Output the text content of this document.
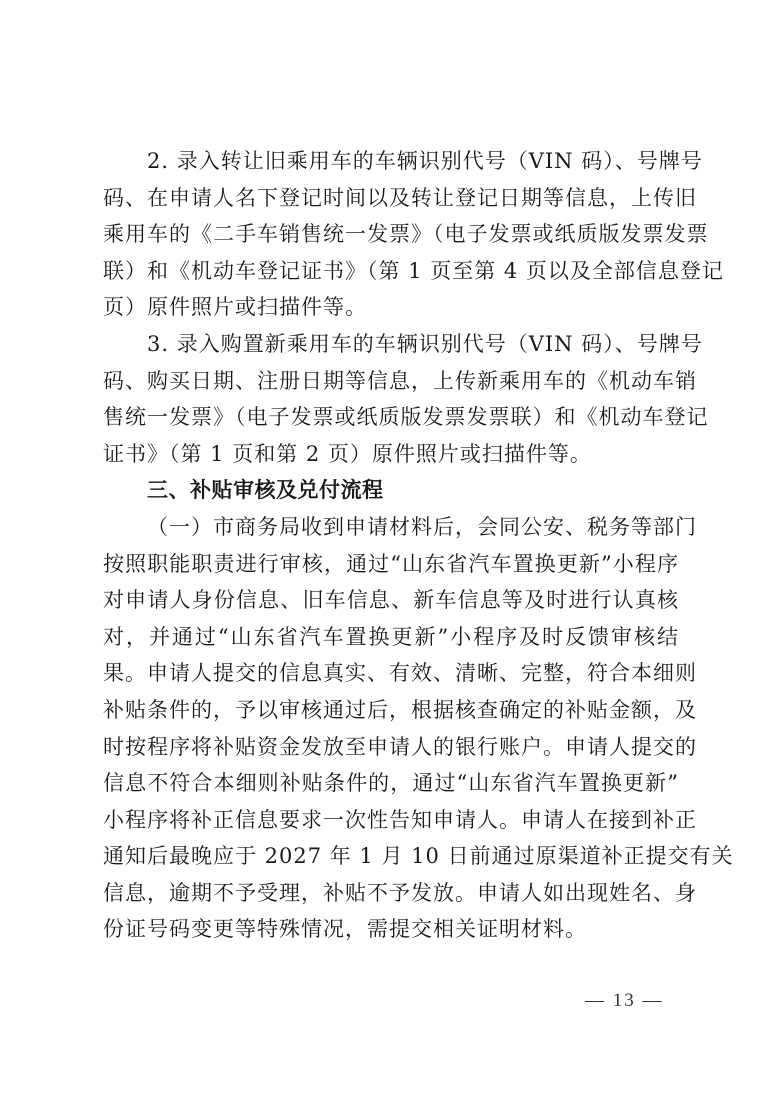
2. 录入转让旧乘用车的车辆识别代号（VIN 码）、号牌号
码、在申请人名下登记时间以及转让登记日期等信息，上传旧
乘用车的《二手车销售统一发票》（电子发票或纸质版发票发票
联）和《机动车登记证书》（第 1 页至第 4 页以及全部信息登记
页）原件照片或扫描件等。
3. 录入购置新乘用车的车辆识别代号（VIN 码）、号牌号
码、购买日期、注册日期等信息，上传新乘用车的《机动车销
售统一发票》（电子发票或纸质版发票发票联）和《机动车登记
证书》（第 1 页和第 2 页）原件照片或扫描件等。
三、补贴审核及兑付流程
（一）市商务局收到申请材料后，会同公安、税务等部门
按照职能职责进行审核，通过“山东省汽车置换更新”小程序
对申请人身份信息、旧车信息、新车信息等及时进行认真核
对，并通过“山东省汽车置换更新”小程序及时反馈审核结
果。申请人提交的信息真实、有效、清晰、完整，符合本细则
补贴条件的，予以审核通过后，根据核查确定的补贴金额，及
时按程序将补贴资金发放至申请人的银行账户。申请人提交的
信息不符合本细则补贴条件的，通过“山东省汽车置换更新”
小程序将补正信息要求一次性告知申请人。申请人在接到补正
通知后最晚应于 2027 年 1 月 10 日前通过原渠道补正提交有关
信息，逾期不予受理，补贴不予发放。申请人如出现姓名、身
份证号码变更等特殊情况，需提交相关证明材料。
— 13 —
